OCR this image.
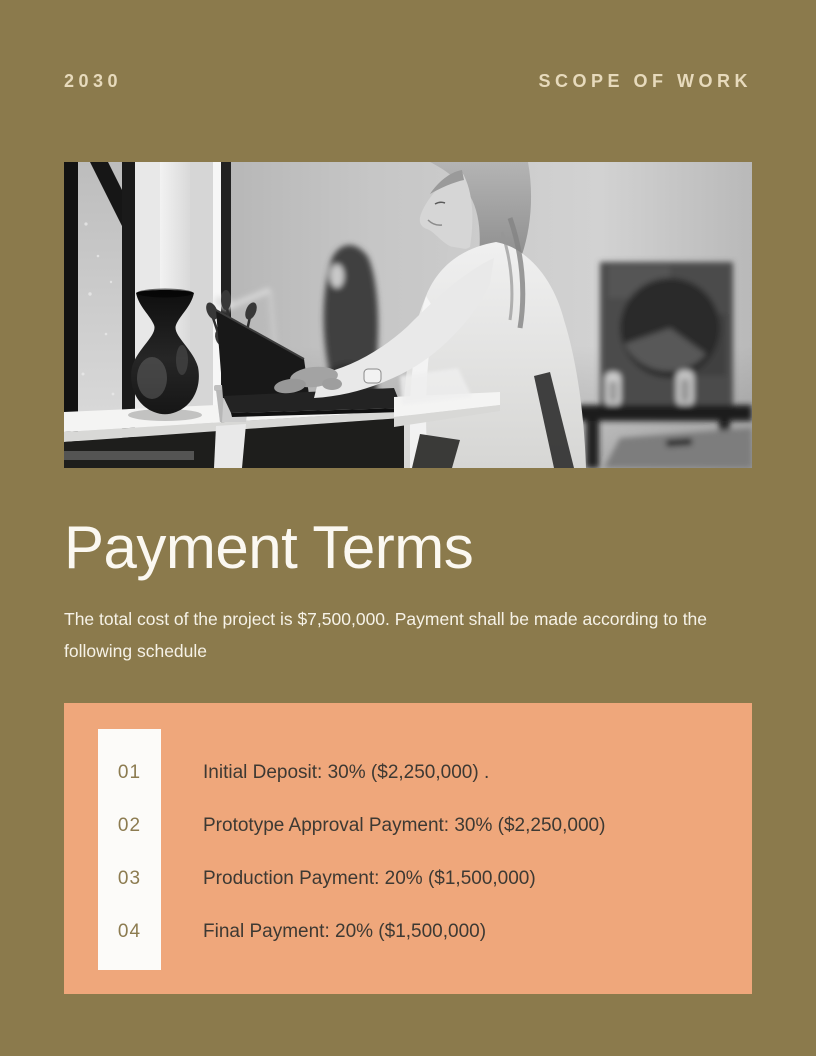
2030	SCOPE OF WORK
Payment Terms

The total cost of the project is $7,500,000. Payment shall be made according to the following schedule

01	Initial Deposit: 30% ($2,250,000) .
02	Prototype Approval Payment: 30% ($2,250,000)
03	Production Payment: 20% ($1,500,000)
04	Final Payment: 20% ($1,500,000)
